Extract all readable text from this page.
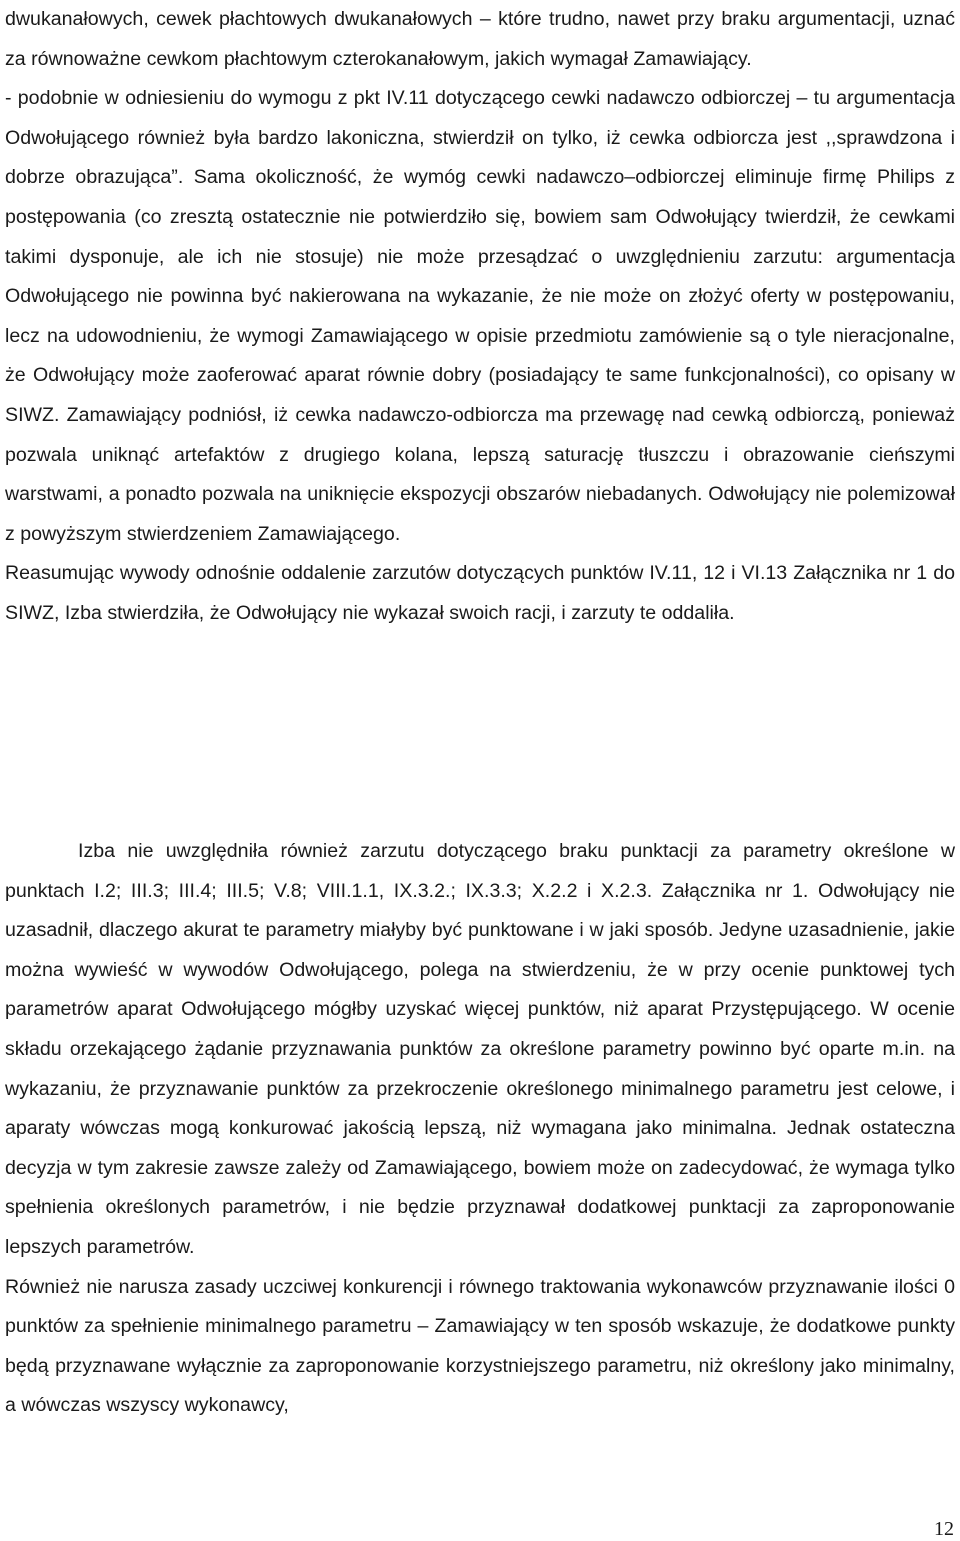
dwukanałowych, cewek płachtowych dwukanałowych – które trudno, nawet przy braku argumentacji, uznać za równoważne cewkom płachtowym czterokanałowym, jakich wymagał Zamawiający.

- podobnie w odniesieniu do wymogu z pkt IV.11 dotyczącego cewki nadawczo odbiorczej – tu argumentacja Odwołującego również była bardzo lakoniczna, stwierdził on tylko, iż cewka odbiorcza jest ,,sprawdzona i dobrze obrazująca”. Sama okoliczność, że wymóg cewki nadawczo–odbiorczej eliminuje firmę Philips z postępowania (co zresztą ostatecznie nie potwierdziło się, bowiem sam Odwołujący twierdził, że cewkami takimi dysponuje, ale ich nie stosuje) nie może przesądzać o uwzględnieniu zarzutu: argumentacja Odwołującego nie powinna być nakierowana na wykazanie, że nie może on złożyć oferty w postępowaniu, lecz na udowodnieniu, że wymogi Zamawiającego w opisie przedmiotu zamówienie są o tyle nieracjonalne, że Odwołujący może zaoferować aparat równie dobry (posiadający te same funkcjonalności), co opisany w SIWZ. Zamawiający podniósł, iż cewka nadawczo-odbiorcza ma przewagę nad cewką odbiorczą, ponieważ pozwala uniknąć artefaktów z drugiego kolana, lepszą saturację tłuszczu i obrazowanie cieńszymi warstwami, a ponadto pozwala na uniknięcie ekspozycji obszarów niebadanych. Odwołujący nie polemizował z powyższym stwierdzeniem Zamawiającego.

Reasumując wywody odnośnie oddalenie zarzutów dotyczących punktów IV.11, 12 i VI.13 Załącznika nr 1 do SIWZ, Izba stwierdziła, że Odwołujący nie wykazał swoich racji, i zarzuty te oddaliła.

Izba nie uwzględniła również zarzutu dotyczącego braku punktacji za parametry określone w punktach I.2; III.3; III.4; III.5; V.8; VIII.1.1, IX.3.2.; IX.3.3; X.2.2 i X.2.3. Załącznika nr 1. Odwołujący nie uzasadnił, dlaczego akurat te parametry miałyby być punktowane i w jaki sposób. Jedyne uzasadnienie, jakie można wywieść w wywodów Odwołującego, polega na stwierdzeniu, że w przy ocenie punktowej tych parametrów aparat Odwołującego mógłby uzyskać więcej punktów, niż aparat Przystępującego. W ocenie składu orzekającego żądanie przyznawania punktów za określone parametry powinno być oparte m.in. na wykazaniu, że przyznawanie punktów za przekroczenie określonego minimalnego parametru jest celowe, i aparaty wówczas mogą konkurować jakością lepszą, niż wymagana jako minimalna. Jednak ostateczna decyzja w tym zakresie zawsze zależy od Zamawiającego, bowiem może on zadecydować, że wymaga tylko spełnienia określonych parametrów, i nie będzie przyznawał dodatkowej punktacji za zaproponowanie lepszych parametrów.

Również nie narusza zasady uczciwej konkurencji i równego traktowania wykonawców przyznawanie ilości 0 punktów za spełnienie minimalnego parametru – Zamawiający w ten sposób wskazuje, że dodatkowe punkty będą przyznawane wyłącznie za zaproponowanie korzystniejszego parametru, niż określony jako minimalny, a wówczas wszyscy wykonawcy,

12
